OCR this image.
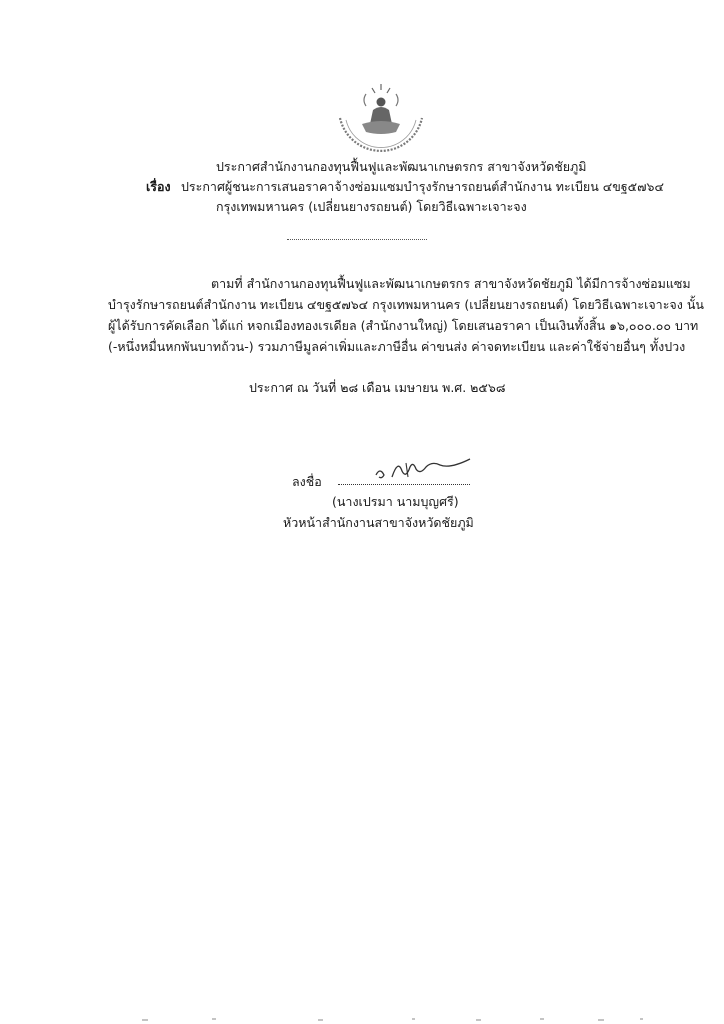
ประกาศสำนักงานกองทุนฟื้นฟูและพัฒนาเกษตรกร สาขาจังหวัดชัยภูมิ
เรื่อง ประกาศผู้ชนะการเสนอราคาจ้างซ่อมแซมบำรุงรักษารถยนต์สำนักงาน ทะเบียน ๔ขฐ๕๗๖๔
กรุงเทพมหานคร (เปลี่ยนยางรถยนต์) โดยวิธีเฉพาะเจาะจง
ตามที่ สำนักงานกองทุนฟื้นฟูและพัฒนาเกษตรกร สาขาจังหวัดชัยภูมิ ได้มีการจ้างซ่อมแซม
บำรุงรักษารถยนต์สำนักงาน ทะเบียน ๔ขฐ๕๗๖๔ กรุงเทพมหานคร (เปลี่ยนยางรถยนต์) โดยวิธีเฉพาะเจาะจง นั้น
ผู้ได้รับการคัดเลือก ได้แก่ หจกเมืองทองเรเดียล (สำนักงานใหญ่) โดยเสนอราคา เป็นเงินทั้งสิ้น ๑๖,๐๐๐.๐๐ บาท
(-หนึ่งหมื่นหกพันบาทถ้วน-) รวมภาษีมูลค่าเพิ่มและภาษีอื่น ค่าขนส่ง ค่าจดทะเบียน และค่าใช้จ่ายอื่นๆ ทั้งปวง
ประกาศ ณ วันที่ ๒๘ เดือน เมษายน พ.ศ. ๒๕๖๘
ลงชื่อ
(นางเปรมา นามบุญศรี)
หัวหน้าสำนักงานสาขาจังหวัดชัยภูมิ
